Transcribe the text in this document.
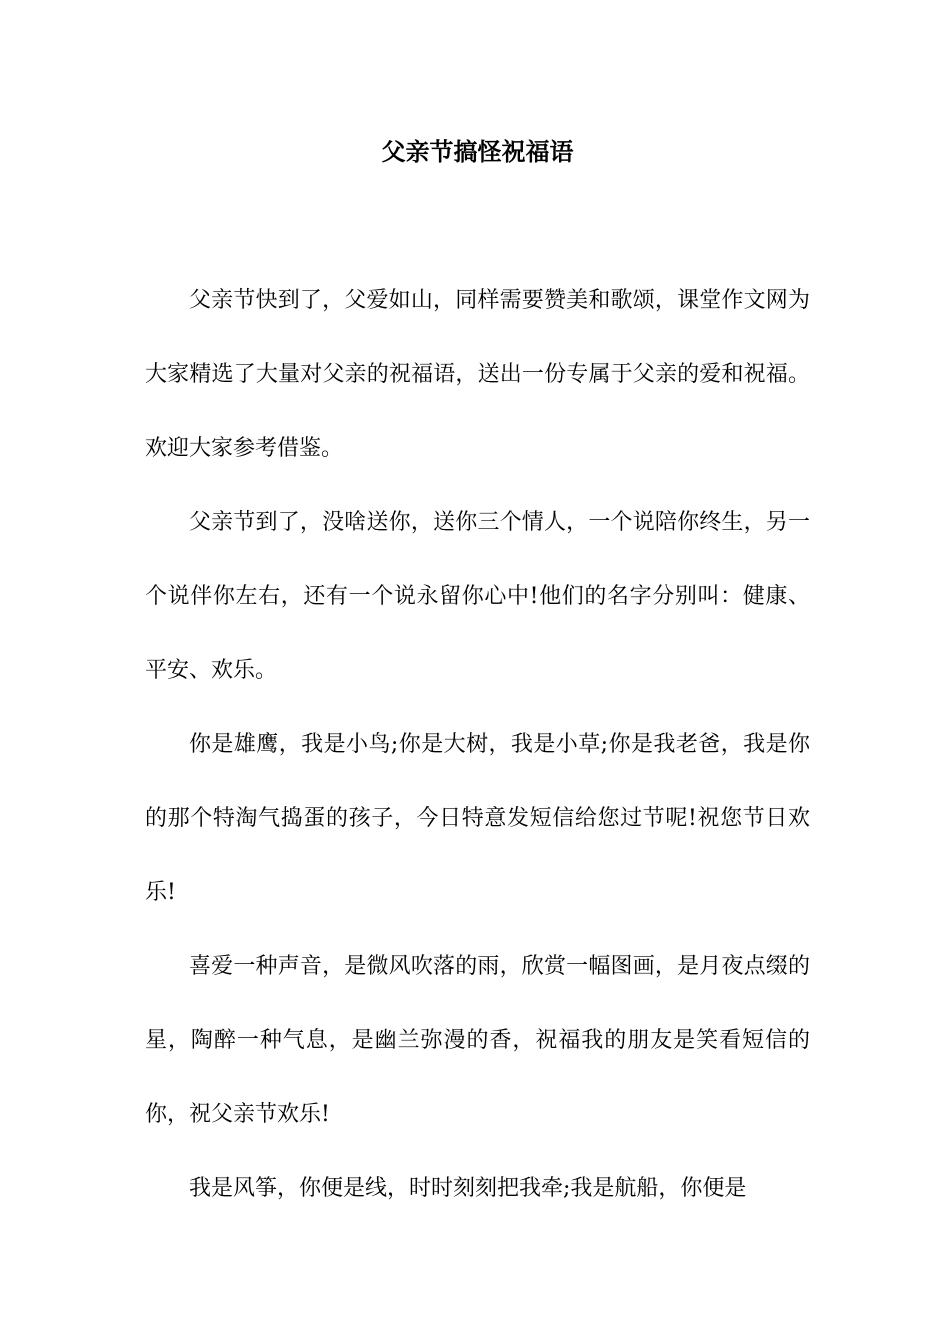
父亲节搞怪祝福语

父亲节快到了，父爱如山，同样需要赞美和歌颂，课堂作文网为大家精选了大量对父亲的祝福语，送出一份专属于父亲的爱和祝福。欢迎大家参考借鉴。

父亲节到了，没啥送你，送你三个情人，一个说陪你终生，另一个说伴你左右，还有一个说永留你心中!他们的名字分别叫：健康、平安、欢乐。

你是雄鹰，我是小鸟;你是大树，我是小草;你是我老爸，我是你的那个特淘气捣蛋的孩子，今日特意发短信给您过节呢!祝您节日欢乐!

喜爱一种声音，是微风吹落的雨，欣赏一幅图画，是月夜点缀的星，陶醉一种气息，是幽兰弥漫的香，祝福我的朋友是笑看短信的你，祝父亲节欢乐!

我是风筝，你便是线，时时刻刻把我牵;我是航船，你便是
